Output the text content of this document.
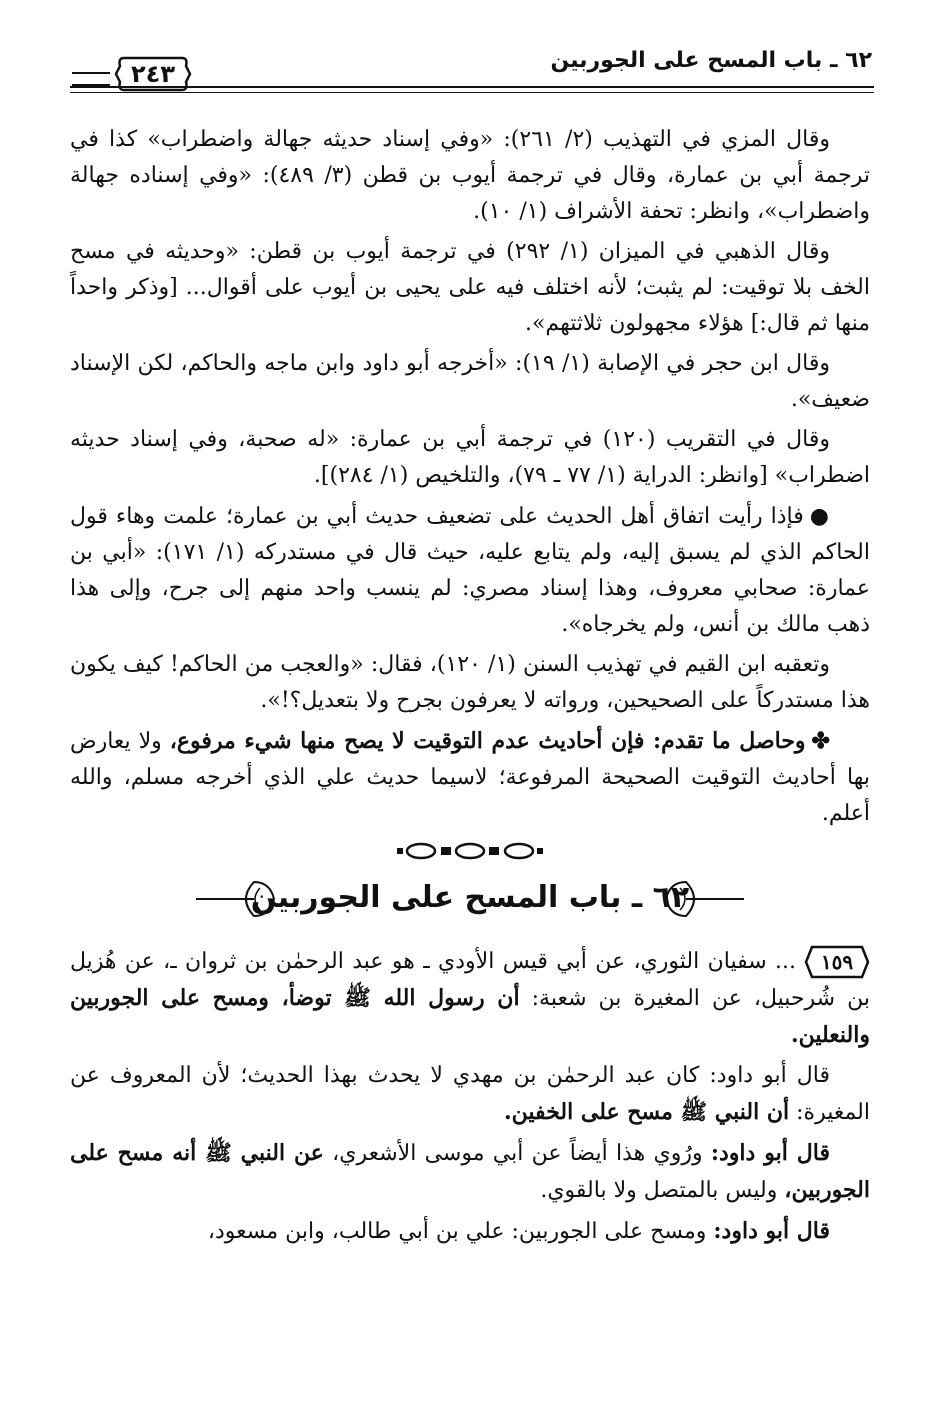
٦٢ ـ باب المسح على الجوربين
٢٤٣

وقال المزي في التهذيب (٢/ ٢٦١): «وفي إسناد حديثه جهالة واضطراب» كذا في ترجمة أبي بن عمارة، وقال في ترجمة أيوب بن قطن (٣/ ٤٨٩): «وفي إسناده جهالة واضطراب»، وانظر: تحفة الأشراف (١/ ١٠).

وقال الذهبي في الميزان (١/ ٢٩٢) في ترجمة أيوب بن قطن: «وحديثه في مسح الخف بلا توقيت: لم يثبت؛ لأنه اختلف فيه على يحيى بن أيوب على أقوال... [وذكر واحداً منها ثم قال:] هؤلاء مجهولون ثلاثتهم».

وقال ابن حجر في الإصابة (١/ ١٩): «أخرجه أبو داود وابن ماجه والحاكم، لكن الإسناد ضعيف».

وقال في التقريب (١٢٠) في ترجمة أبي بن عمارة: «له صحبة، وفي إسناد حديثه اضطراب» [وانظر: الدراية (١/ ٧٧ ـ ٧٩)، والتلخيص (١/ ٢٨٤)].

●فإذا رأيت اتفاق أهل الحديث على تضعيف حديث أبي بن عمارة؛ علمت وهاء قول الحاكم الذي لم يسبق إليه، ولم يتابع عليه، حيث قال في مستدركه (١/ ١٧١): «أبي بن عمارة: صحابي معروف، وهذا إسناد مصري: لم ينسب واحد منهم إلى جرح، وإلى هذا ذهب مالك بن أنس، ولم يخرجاه».

وتعقبه ابن القيم في تهذيب السنن (١/ ١٢٠)، فقال: «والعجب من الحاكم! كيف يكون هذا مستدركاً على الصحيحين، ورواته لا يعرفون بجرح ولا بتعديل؟!».

✤وحاصل ما تقدم: فإن أحاديث عدم التوقيت لا يصح منها شيء مرفوع، ولا يعارض بها أحاديث التوقيت الصحيحة المرفوعة؛ لاسيما حديث علي الذي أخرجه مسلم، والله أعلم.

٦٢ ـ باب المسح على الجوربين

١٥٩
... سفيان الثوري، عن أبي قيس الأودي ـ هو عبد الرحمٰن بن ثروان ـ، عن هُزيل بن شُرحبيل، عن المغيرة بن شعبة: أن رسول الله ﷺ توضأ، ومسح على الجوربين والنعلين.

قال أبو داود: كان عبد الرحمٰن بن مهدي لا يحدث بهذا الحديث؛ لأن المعروف عن المغيرة: أن النبي ﷺ مسح على الخفين.

قال أبو داود: ورُوي هذا أيضاً عن أبي موسى الأشعري، عن النبي ﷺ أنه مسح على الجوربين، وليس بالمتصل ولا بالقوي.

قال أبو داود: ومسح على الجوربين: علي بن أبي طالب، وابن مسعود،
